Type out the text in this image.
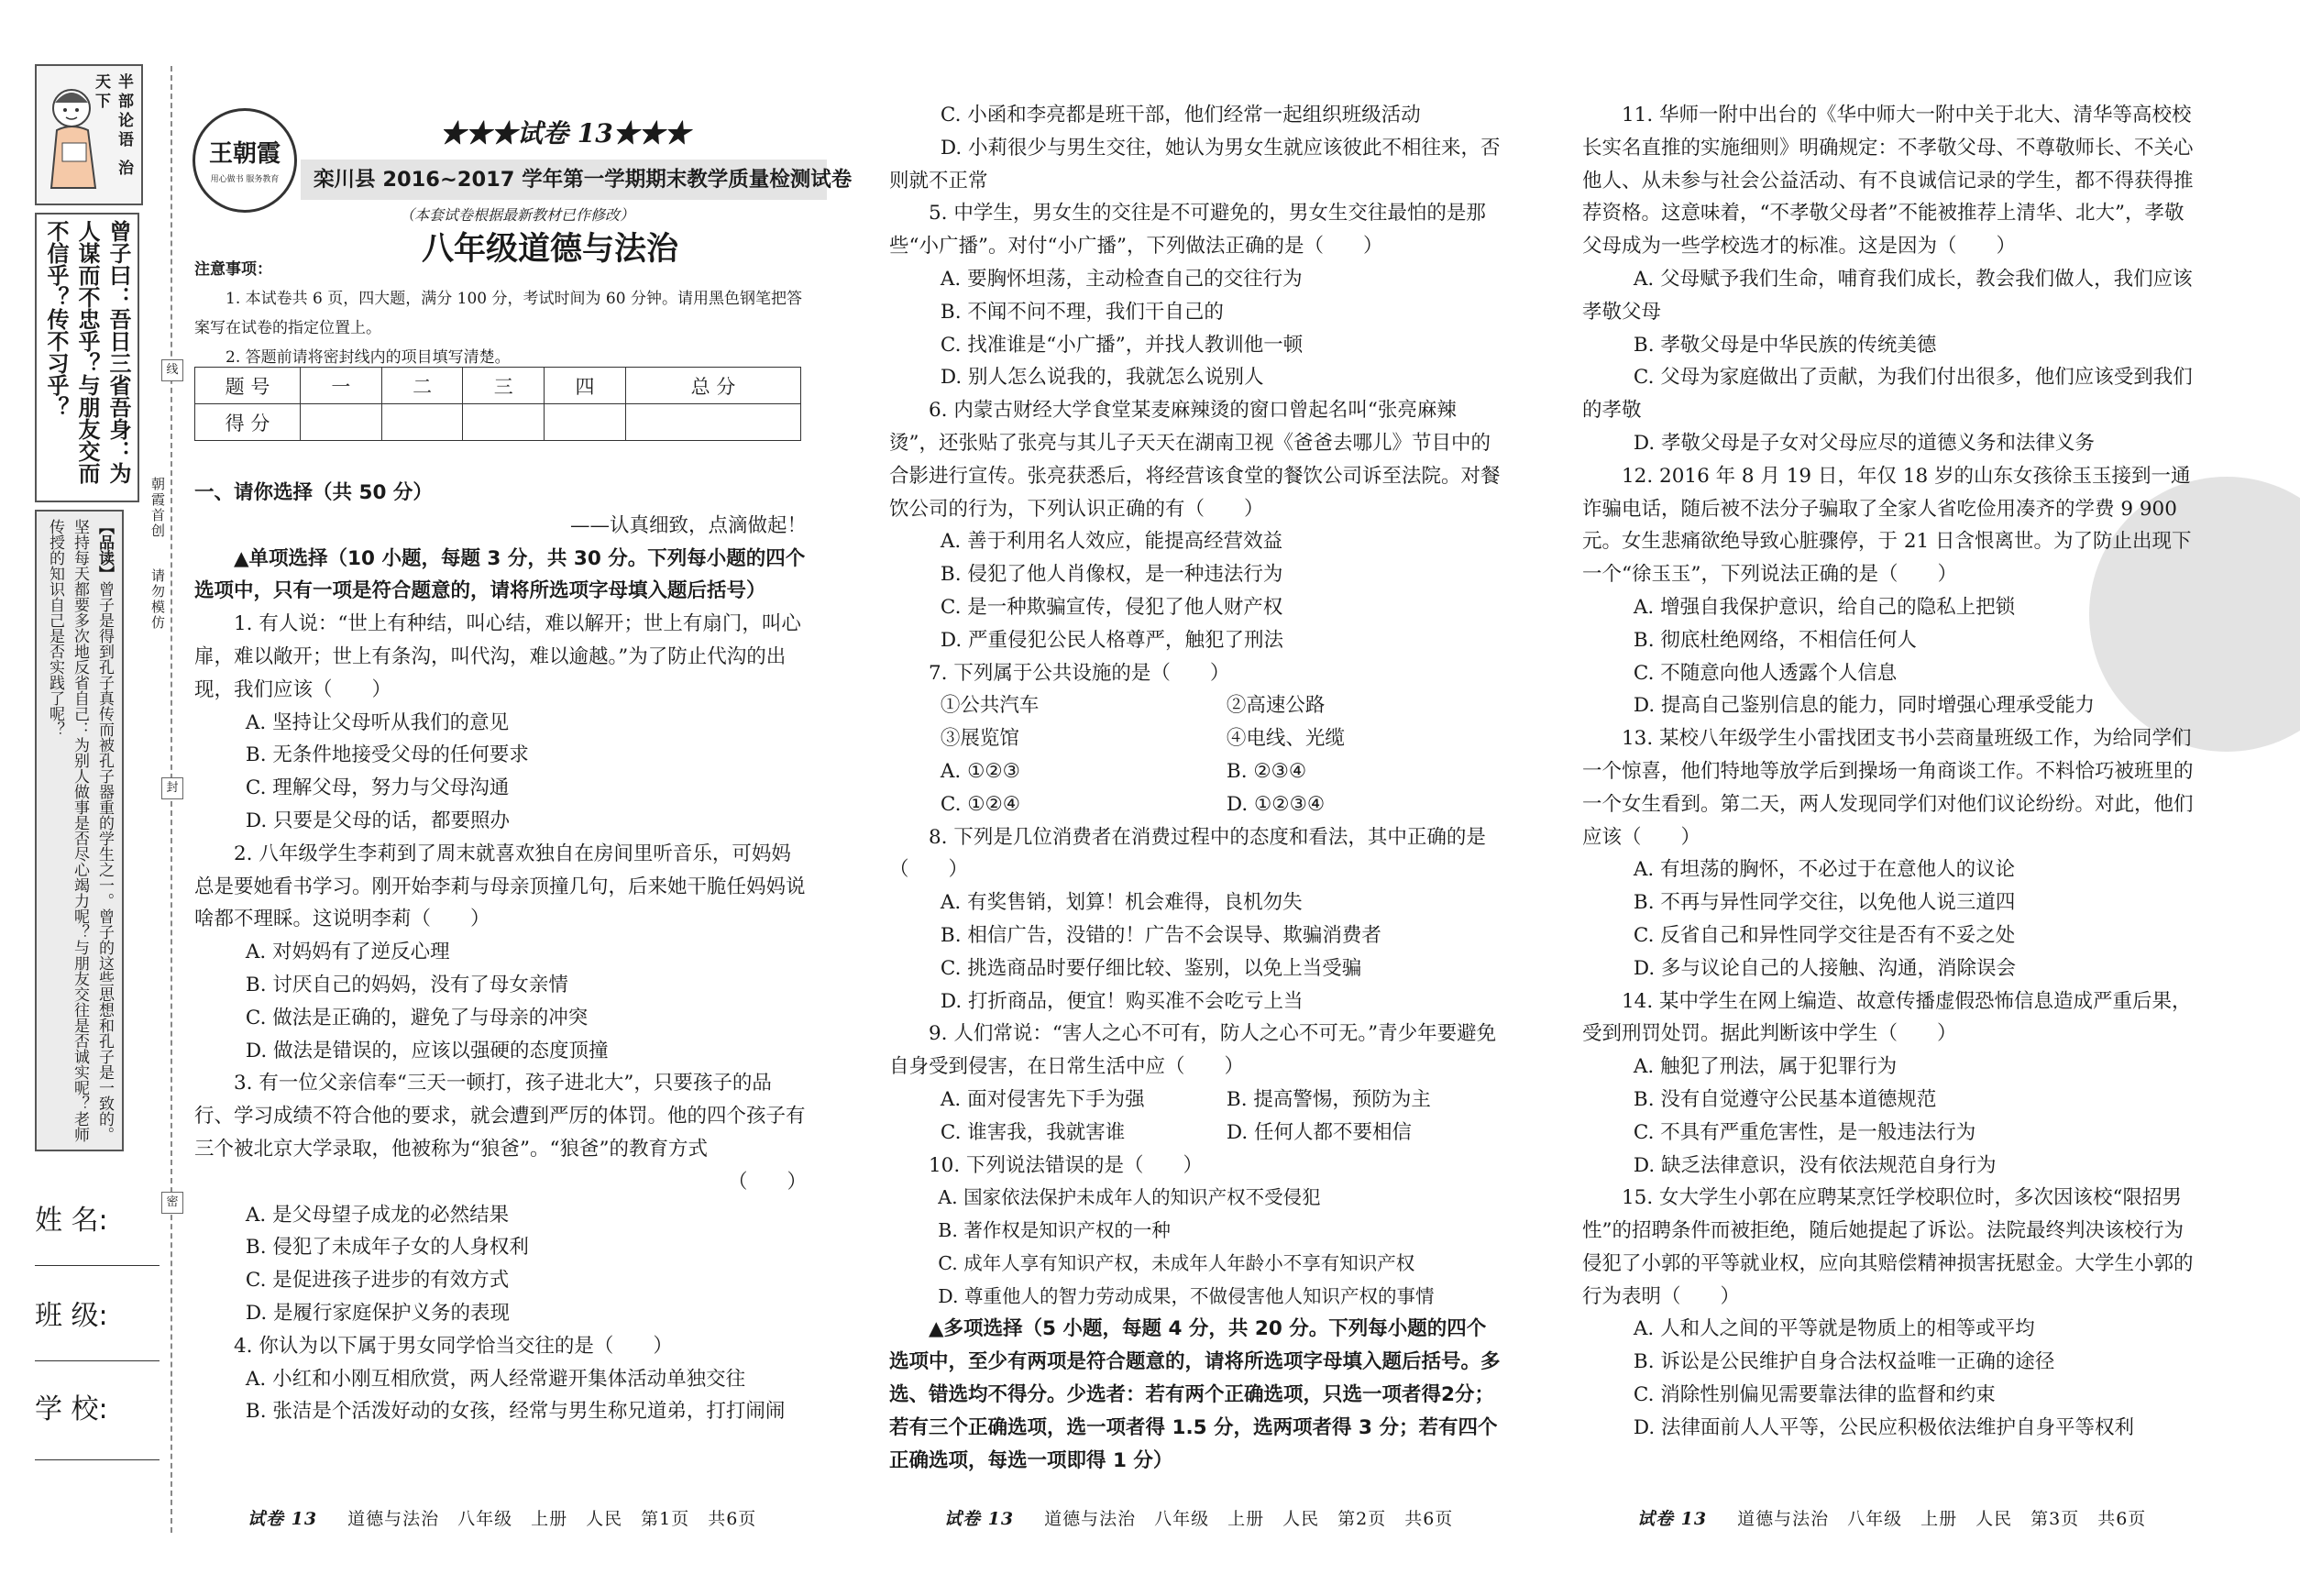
半部论语 治天下
曾子曰：吾日三省吾身：为人谋而不忠乎？与朋友交而不信乎？传不习乎？
【品读】曾子是得到孔子真传而被孔子器重的学生之一。曾子的这些思想和孔子是一致的。坚持每天都要多次地反省自己：为别人做事是否尽心竭力呢？与朋友交往是否诚实呢？老师传授的知识自己是否实践了呢？
姓 名:
班 级:
学 校:
线
封
密
朝霞首创
请勿模仿
王朝霞
用心做书 服务教育
★★★试卷 13★★★
栾川县 2016~2017 学年第一学期期末教学质量检测试卷
（本套试卷根据最新教材已作修改）
八年级道德与法治
注意事项：
1. 本试卷共 6 页，四大题，满分 100 分，考试时间为 60 分钟。请用黑色钢笔把答案写在试卷的指定位置上。
2. 答题前请将密封线内的项目填写清楚。
题 号	一	二	三	四	总 分
得 分					

一、请你选择（共 50 分）

——认真细致，点滴做起！

▲单项选择（10 小题，每题 3 分，共 30 分。下列每小题的四个选项中，只有一项是符合题意的，请将所选项字母填入题后括号）

1. 有人说：“世上有种结，叫心结，难以解开；世上有扇门，叫心扉，难以敞开；世上有条沟，叫代沟，难以逾越。”为了防止代沟的出现，我们应该（　　）

A. 坚持让父母听从我们的意见

B. 无条件地接受父母的任何要求

C. 理解父母，努力与父母沟通

D. 只要是父母的话，都要照办

2. 八年级学生李莉到了周末就喜欢独自在房间里听音乐，可妈妈总是要她看书学习。刚开始李莉与母亲顶撞几句，后来她干脆任妈妈说啥都不理睬。这说明李莉（　　）

A. 对妈妈有了逆反心理

B. 讨厌自己的妈妈，没有了母女亲情

C. 做法是正确的，避免了与母亲的冲突

D. 做法是错误的，应该以强硬的态度顶撞

3. 有一位父亲信奉“三天一顿打，孩子进北大”，只要孩子的品行、学习成绩不符合他的要求，就会遭到严厉的体罚。他的四个孩子有三个被北京大学录取，他被称为“狼爸”。“狼爸”的教育方式

（　　）

A. 是父母望子成龙的必然结果

B. 侵犯了未成年子女的人身权利

C. 是促进孩子进步的有效方式

D. 是履行家庭保护义务的表现

4. 你认为以下属于男女同学恰当交往的是（　　）

A. 小红和小刚互相欣赏，两人经常避开集体活动单独交往

B. 张洁是个活泼好动的女孩，经常与男生称兄道弟，打打闹闹

试卷 13 道德与法治　八年级　上册　人民　第1页　共6页

C. 小函和李亮都是班干部，他们经常一起组织班级活动

D. 小莉很少与男生交往，她认为男女生就应该彼此不相往来，否则就不正常

5. 中学生，男女生的交往是不可避免的，男女生交往最怕的是那些“小广播”。对付“小广播”，下列做法正确的是（　　）

A. 要胸怀坦荡，主动检查自己的交往行为

B. 不闻不问不理，我们干自己的

C. 找准谁是“小广播”，并找人教训他一顿

D. 别人怎么说我的，我就怎么说别人

6. 内蒙古财经大学食堂某麦麻辣烫的窗口曾起名叫“张亮麻辣烫”，还张贴了张亮与其儿子天天在湖南卫视《爸爸去哪儿》节目中的合影进行宣传。张亮获悉后，将经营该食堂的餐饮公司诉至法院。对餐饮公司的行为，下列认识正确的有（　　）

A. 善于利用名人效应，能提高经营效益

B. 侵犯了他人肖像权，是一种违法行为

C. 是一种欺骗宣传，侵犯了他人财产权

D. 严重侵犯公民人格尊严，触犯了刑法

7. 下列属于公共设施的是（　　）

①公共汽车	②高速公路
③展览馆	④电线、光缆
A. ①②③	B. ②③④
C. ①②④	D. ①②③④

8. 下列是几位消费者在消费过程中的态度和看法，其中正确的是（　　）

A. 有奖售销，划算！机会难得，良机勿失

B. 相信广告，没错的！广告不会误导、欺骗消费者

C. 挑选商品时要仔细比较、鉴别，以免上当受骗

D. 打折商品，便宜！购买准不会吃亏上当

9. 人们常说：“害人之心不可有，防人之心不可无。”青少年要避免自身受到侵害，在日常生活中应（　　）

A. 面对侵害先下手为强	B. 提高警惕，预防为主
C. 谁害我，我就害谁	D. 任何人都不要相信

10. 下列说法错误的是（　　）

A. 国家依法保护未成年人的知识产权不受侵犯

B. 著作权是知识产权的一种

C. 成年人享有知识产权，未成年人年龄小不享有知识产权

D. 尊重他人的智力劳动成果，不做侵害他人知识产权的事情

▲多项选择（5 小题，每题 4 分，共 20 分。下列每小题的四个选项中，至少有两项是符合题意的，请将所选项字母填入题后括号。多选、错选均不得分。少选者：若有两个正确选项，只选一项者得2分；若有三个正确选项，选一项者得 1.5 分，选两项者得 3 分；若有四个正确选项，每选一项即得 1 分）

试卷 13 道德与法治　八年级　上册　人民　第2页　共6页

11. 华师一附中出台的《华中师大一附中关于北大、清华等高校校长实名直推的实施细则》明确规定：不孝敬父母、不尊敬师长、不关心他人、从未参与社会公益活动、有不良诚信记录的学生，都不得获得推荐资格。这意味着，“不孝敬父母者”不能被推荐上清华、北大”，孝敬父母成为一些学校选才的标准。这是因为（　　）

A. 父母赋予我们生命，哺育我们成长，教会我们做人，我们应该孝敬父母

B. 孝敬父母是中华民族的传统美德

C. 父母为家庭做出了贡献，为我们付出很多，他们应该受到我们的孝敬

D. 孝敬父母是子女对父母应尽的道德义务和法律义务

12. 2016 年 8 月 19 日，年仅 18 岁的山东女孩徐玉玉接到一通诈骗电话，随后被不法分子骗取了全家人省吃俭用凑齐的学费 9 900 元。女生悲痛欲绝导致心脏骤停，于 21 日含恨离世。为了防止出现下一个“徐玉玉”，下列说法正确的是（　　）

A. 增强自我保护意识，给自己的隐私上把锁

B. 彻底杜绝网络，不相信任何人

C. 不随意向他人透露个人信息

D. 提高自己鉴别信息的能力，同时增强心理承受能力

13. 某校八年级学生小雷找团支书小芸商量班级工作，为给同学们一个惊喜，他们特地等放学后到操场一角商谈工作。不料恰巧被班里的一个女生看到。第二天，两人发现同学们对他们议论纷纷。对此，他们应该（　　）

A. 有坦荡的胸怀，不必过于在意他人的议论

B. 不再与异性同学交往，以免他人说三道四

C. 反省自己和异性同学交往是否有不妥之处

D. 多与议论自己的人接触、沟通，消除误会

14. 某中学生在网上编造、故意传播虚假恐怖信息造成严重后果，受到刑罚处罚。据此判断该中学生（　　）

A. 触犯了刑法，属于犯罪行为

B. 没有自觉遵守公民基本道德规范

C. 不具有严重危害性，是一般违法行为

D. 缺乏法律意识，没有依法规范自身行为

15. 女大学生小郭在应聘某烹饪学校职位时，多次因该校“限招男性”的招聘条件而被拒绝，随后她提起了诉讼。法院最终判决该校行为侵犯了小郭的平等就业权，应向其赔偿精神损害抚慰金。大学生小郭的行为表明（　　）

A. 人和人之间的平等就是物质上的相等或平均

B. 诉讼是公民维护自身合法权益唯一正确的途径

C. 消除性别偏见需要靠法律的监督和约束

D. 法律面前人人平等，公民应积极依法维护自身平等权利

试卷 13 道德与法治　八年级　上册　人民　第3页　共6页
